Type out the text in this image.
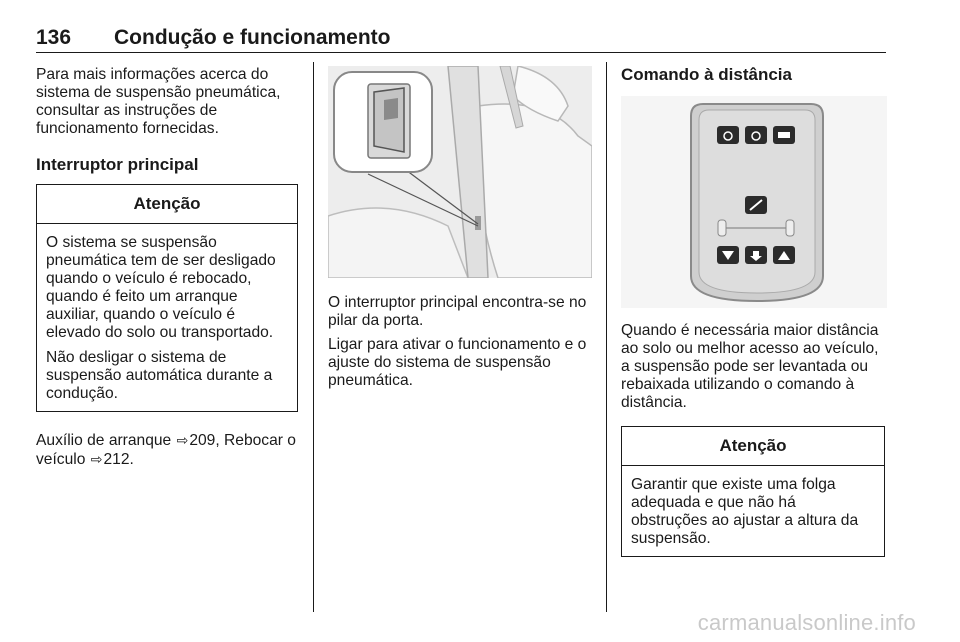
136 Condução e funcionamento

Para mais informações acerca do sistema de suspensão pneumática, consultar as instruções de funcionamento fornecidas.

Interruptor principal
Atenção

O sistema se suspensão pneumática tem de ser desligado quando o veículo é rebocado, quando é feito um arranque auxiliar, quando o veículo é elevado do solo ou transportado.

Não desligar o sistema de suspensão automática durante a condução.

Auxílio de arranque ⇨209, Rebocar o veículo ⇨212.

O interruptor principal encontra-se no pilar da porta.

Ligar para ativar o funcionamento e o ajuste do sistema de suspensão pneumática.

Comando à distância

Quando é necessária maior distância ao solo ou melhor acesso ao veículo, a suspensão pode ser levantada ou rebaixada utilizando o comando à distância.

Atenção

Garantir que existe uma folga adequada e que não há obstruções ao ajustar a altura da suspensão.

carmanualsonline.info
